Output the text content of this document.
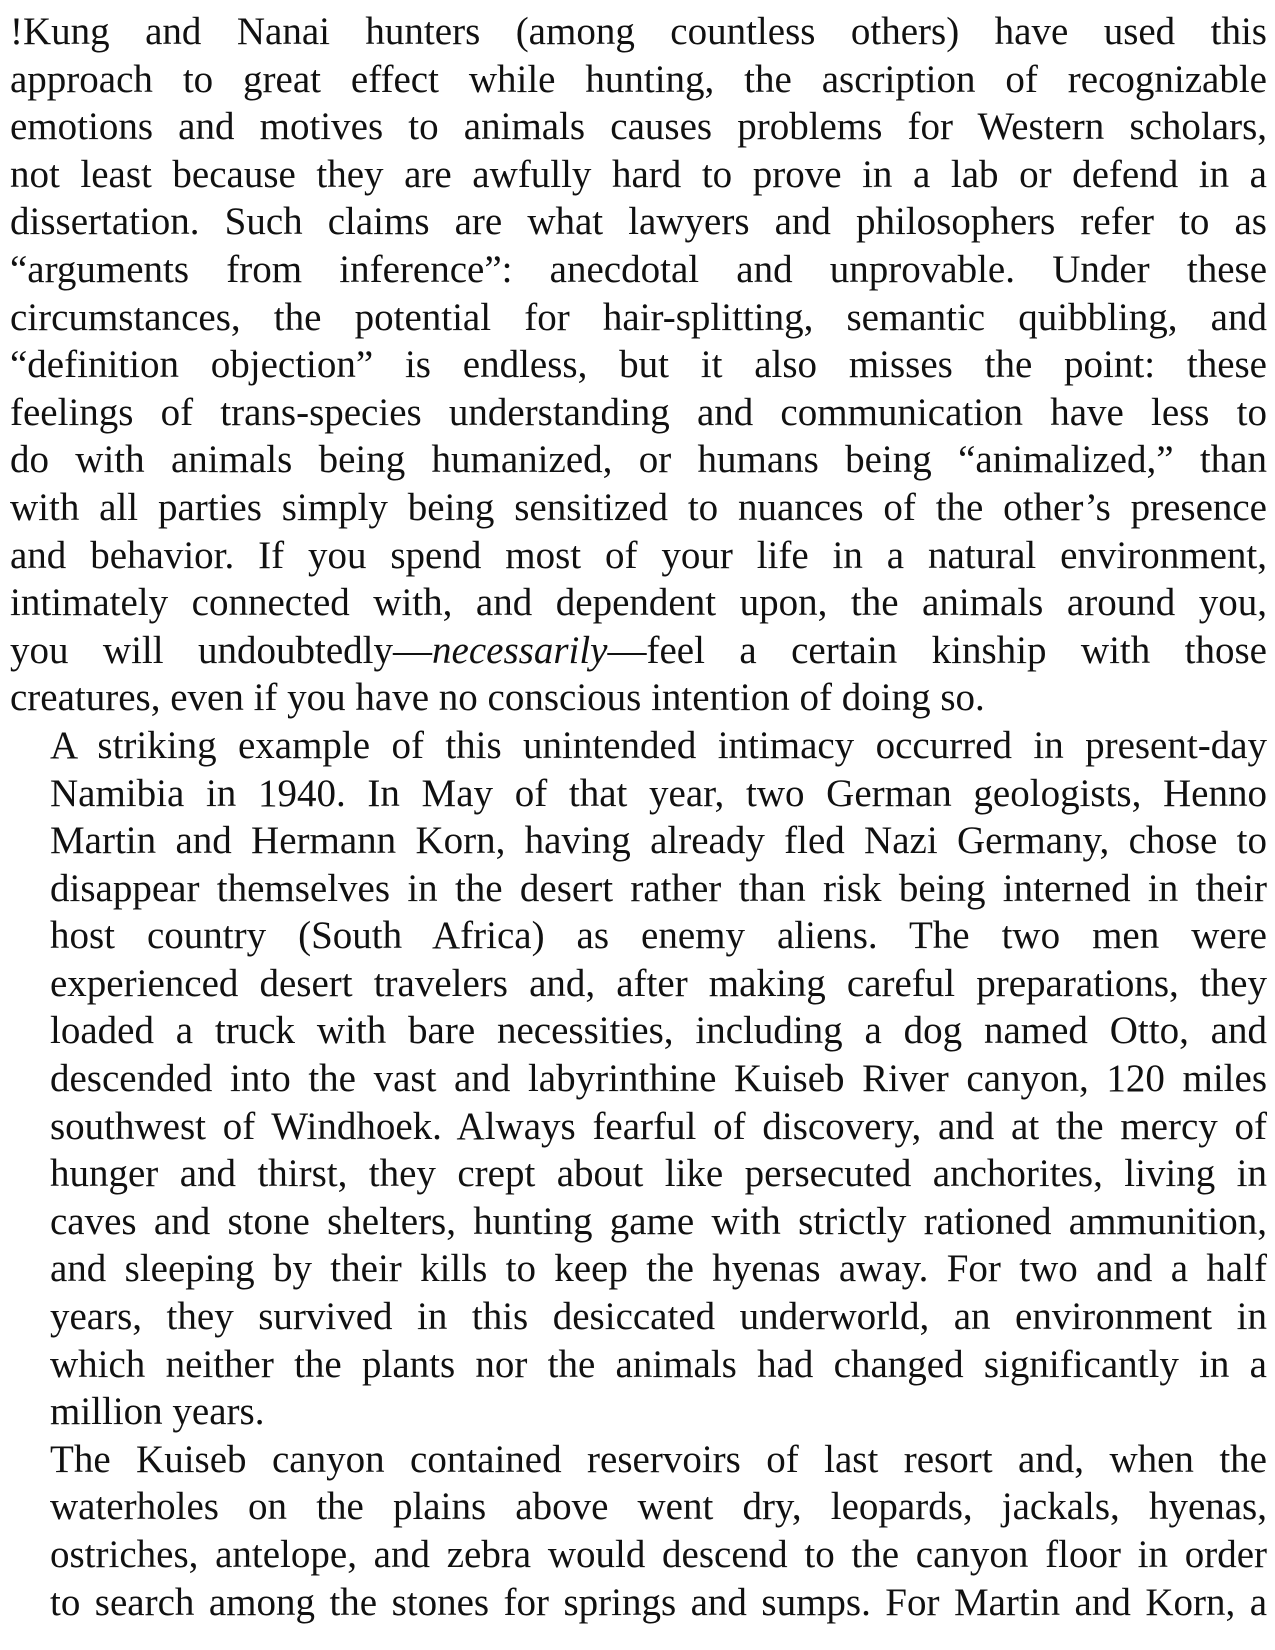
!Kung and Nanai hunters (among countless others) have used this
approach to great effect while hunting, the ascription of recognizable
emotions and motives to animals causes problems for Western scholars,
not least because they are awfully hard to prove in a lab or defend in a
dissertation. Such claims are what lawyers and philosophers refer to as
“arguments from inference”: anecdotal and unprovable. Under these
circumstances, the potential for hair-splitting, semantic quibbling, and
“definition objection” is endless, but it also misses the point: these
feelings of trans-species understanding and communication have less to
do with animals being humanized, or humans being “animalized,” than
with all parties simply being sensitized to nuances of the other’s presence
and behavior. If you spend most of your life in a natural environment,
intimately connected with, and dependent upon, the animals around you,
you will undoubtedly—necessarily—feel a certain kinship with those
creatures, even if you have no conscious intention of doing so.
A striking example of this unintended intimacy occurred in present-day
Namibia in 1940. In May of that year, two German geologists, Henno
Martin and Hermann Korn, having already fled Nazi Germany, chose to
disappear themselves in the desert rather than risk being interned in their
host country (South Africa) as enemy aliens. The two men were
experienced desert travelers and, after making careful preparations, they
loaded a truck with bare necessities, including a dog named Otto, and
descended into the vast and labyrinthine Kuiseb River canyon, 120 miles
southwest of Windhoek. Always fearful of discovery, and at the mercy of
hunger and thirst, they crept about like persecuted anchorites, living in
caves and stone shelters, hunting game with strictly rationed ammunition,
and sleeping by their kills to keep the hyenas away. For two and a half
years, they survived in this desiccated underworld, an environment in
which neither the plants nor the animals had changed significantly in a
million years.
The Kuiseb canyon contained reservoirs of last resort and, when the
waterholes on the plains above went dry, leopards, jackals, hyenas,
ostriches, antelope, and zebra would descend to the canyon floor in order
to search among the stones for springs and sumps. For Martin and Korn, a
